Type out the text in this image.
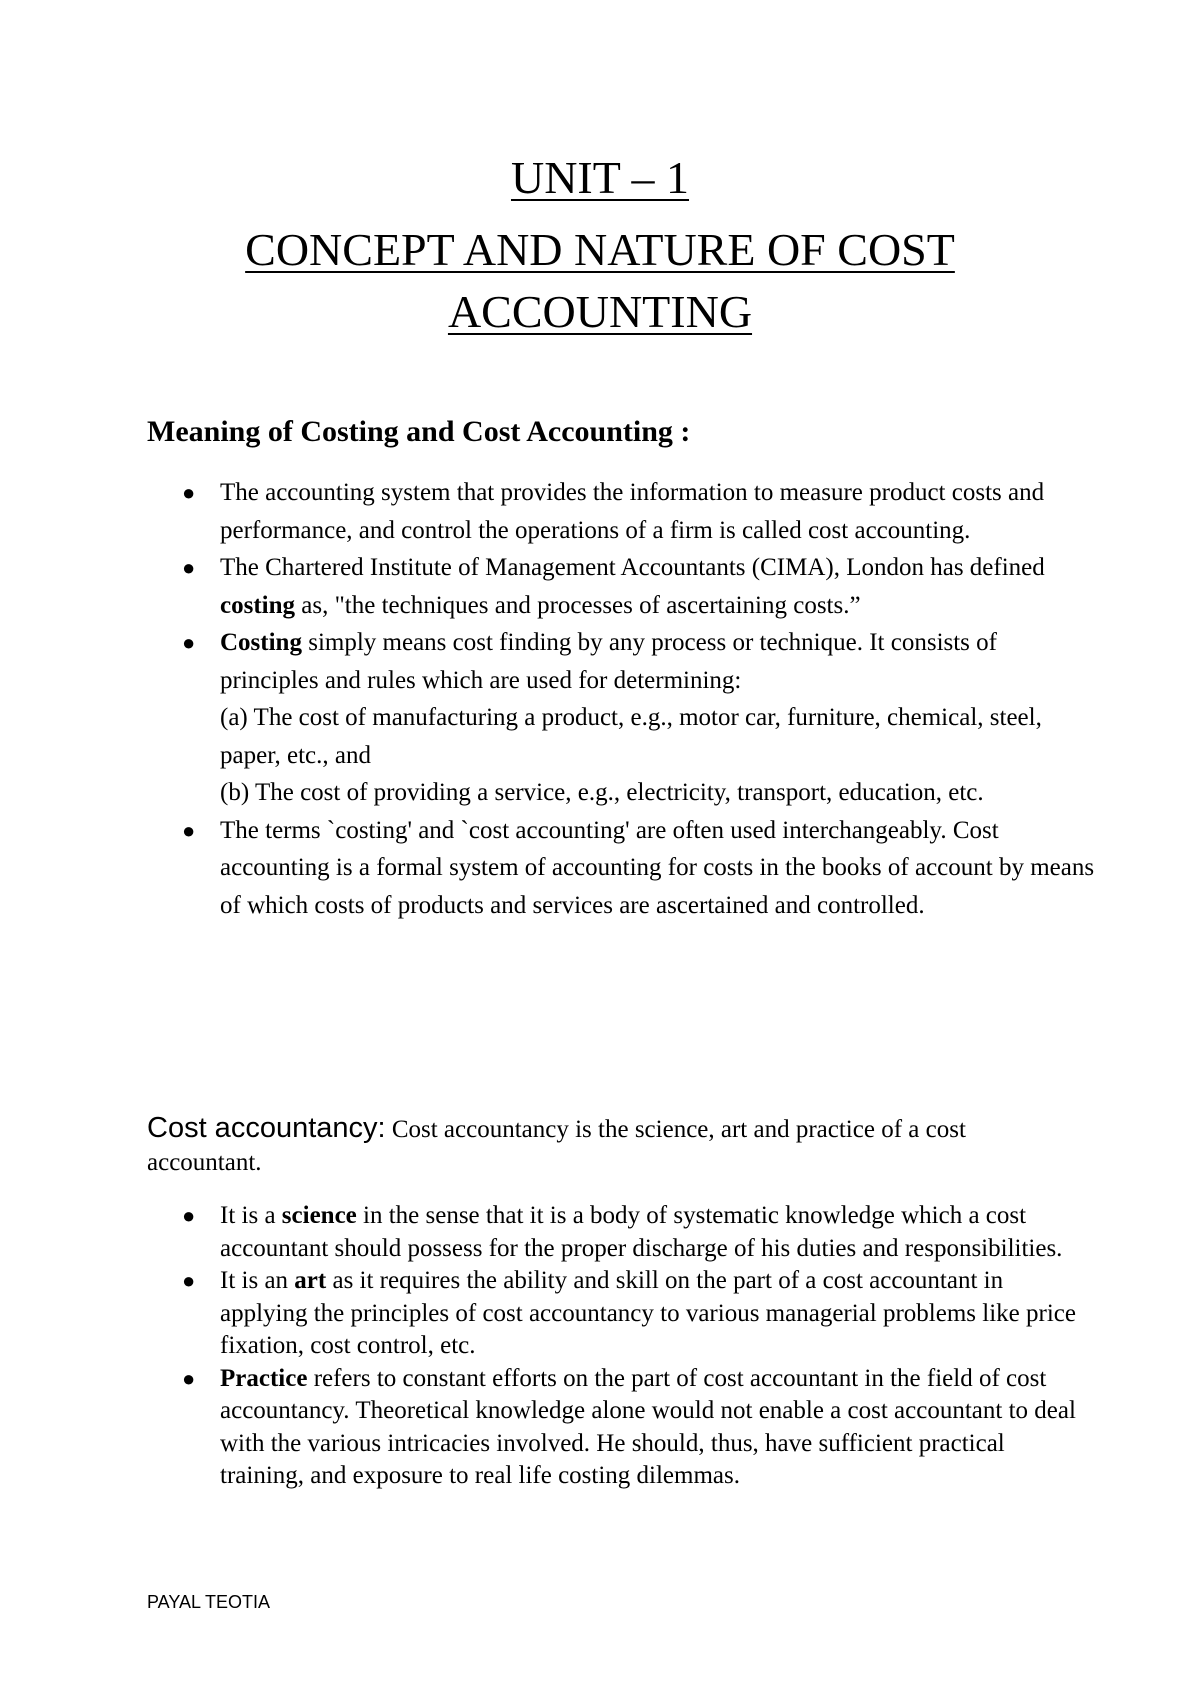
UNIT – 1
CONCEPT AND NATURE OF COST
ACCOUNTING
Meaning of Costing and Cost Accounting :
● The accounting system that provides the information to measure product costs and performance, and control the operations of a firm is called cost accounting.
● The Chartered Institute of Management Accountants (CIMA), London has defined costing as, "the techniques and processes of ascertaining costs.”
● Costing simply means cost finding by any process or technique. It consists of principles and rules which are used for determining:
(a) The cost of manufacturing a product, e.g., motor car, furniture, chemical, steel, paper, etc., and
(b) The cost of providing a service, e.g., electricity, transport, education, etc.
● The terms `costing' and `cost accounting' are often used interchangeably. Cost accounting is a formal system of accounting for costs in the books of account by means of which costs of products and services are ascertained and controlled.
Cost accountancy: Cost accountancy is the science, art and practice of a cost accountant.
● It is a science in the sense that it is a body of systematic knowledge which a cost accountant should possess for the proper discharge of his duties and responsibilities.
● It is an art as it requires the ability and skill on the part of a cost accountant in applying the principles of cost accountancy to various managerial problems like price fixation, cost control, etc.
● Practice refers to constant efforts on the part of cost accountant in the field of cost accountancy. Theoretical knowledge alone would not enable a cost accountant to deal with the various intricacies involved. He should, thus, have sufficient practical training, and exposure to real life costing dilemmas.
PAYAL TEOTIA
